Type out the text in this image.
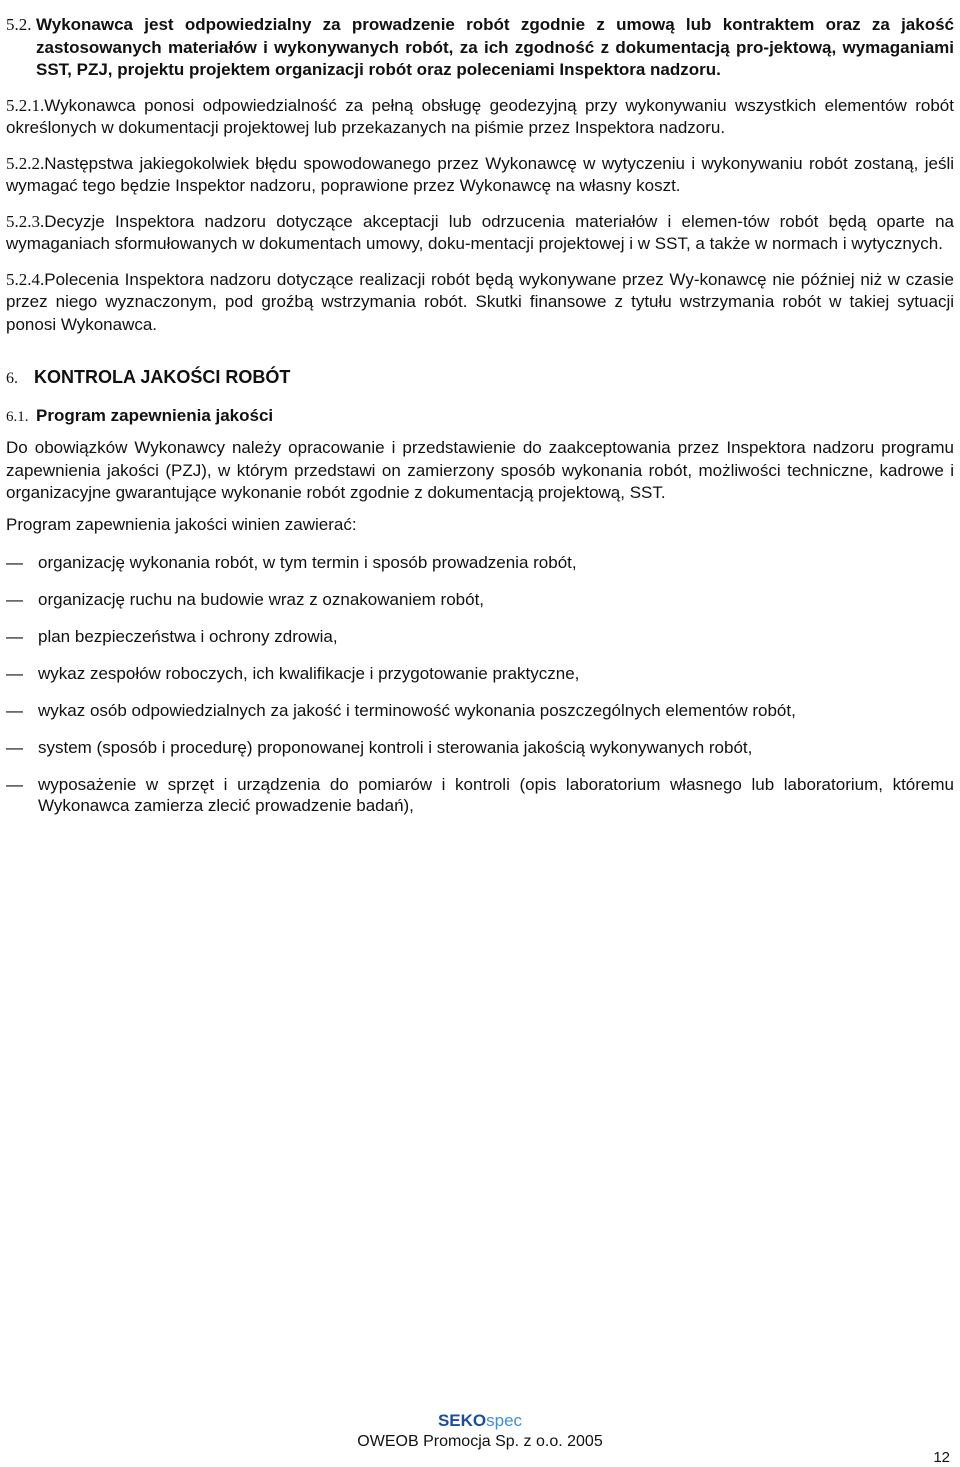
5.2. Wykonawca jest odpowiedzialny za prowadzenie robót zgodnie z umową lub kontraktem oraz za jakość zastosowanych materiałów i wykonywanych robót, za ich zgodność z dokumentacją pro-jektową, wymaganiami SST, PZJ, projektu projektem organizacji robót oraz poleceniami Inspektora nadzoru.

5.2.1.Wykonawca ponosi odpowiedzialność za pełną obsługę geodezyjną przy wykonywaniu wszystkich elementów robót określonych w dokumentacji projektowej lub przekazanych na piśmie przez Inspektora nadzoru.

5.2.2.Następstwa jakiegokolwiek błędu spowodowanego przez Wykonawcę w wytyczeniu i wykonywaniu robót zostaną, jeśli wymagać tego będzie Inspektor nadzoru, poprawione przez Wykonawcę na własny koszt.

5.2.3.Decyzje Inspektora nadzoru dotyczące akceptacji lub odrzucenia materiałów i elemen-tów robót będą oparte na wymaganiach sformułowanych w dokumentach umowy, doku-mentacji projektowej i w SST, a także w normach i wytycznych.

5.2.4.Polecenia Inspektora nadzoru dotyczące realizacji robót będą wykonywane przez Wy-konawcę nie później niż w czasie przez niego wyznaczonym, pod groźbą wstrzymania robót. Skutki finansowe z tytułu wstrzymania robót w takiej sytuacji ponosi Wykonawca.

6. KONTROLA JAKOŚCI ROBÓT

6.1. Program zapewnienia jakości

Do obowiązków Wykonawcy należy opracowanie i przedstawienie do zaakceptowania przez Inspektora nadzoru programu zapewnienia jakości (PZJ), w którym przedstawi on zamierzony sposób wykonania robót, możliwości techniczne, kadrowe i organizacyjne gwarantujące wykonanie robót zgodnie z dokumentacją projektową, SST.

Program zapewnienia jakości winien zawierać:

— organizację wykonania robót, w tym termin i sposób prowadzenia robót,
— organizację ruchu na budowie wraz z oznakowaniem robót,
— plan bezpieczeństwa i ochrony zdrowia,
— wykaz zespołów roboczych, ich kwalifikacje i przygotowanie praktyczne,
— wykaz osób odpowiedzialnych za jakość i terminowość wykonania poszczególnych elementów robót,
— system (sposób i procedurę) proponowanej kontroli i sterowania jakością wykonywanych robót,
— wyposażenie w sprzęt i urządzenia do pomiarów i kontroli (opis laboratorium własnego lub laboratorium, któremu Wykonawca zamierza zlecić prowadzenie badań),
SEKOspec
OWEOB Promocja Sp. z o.o. 2005
12
